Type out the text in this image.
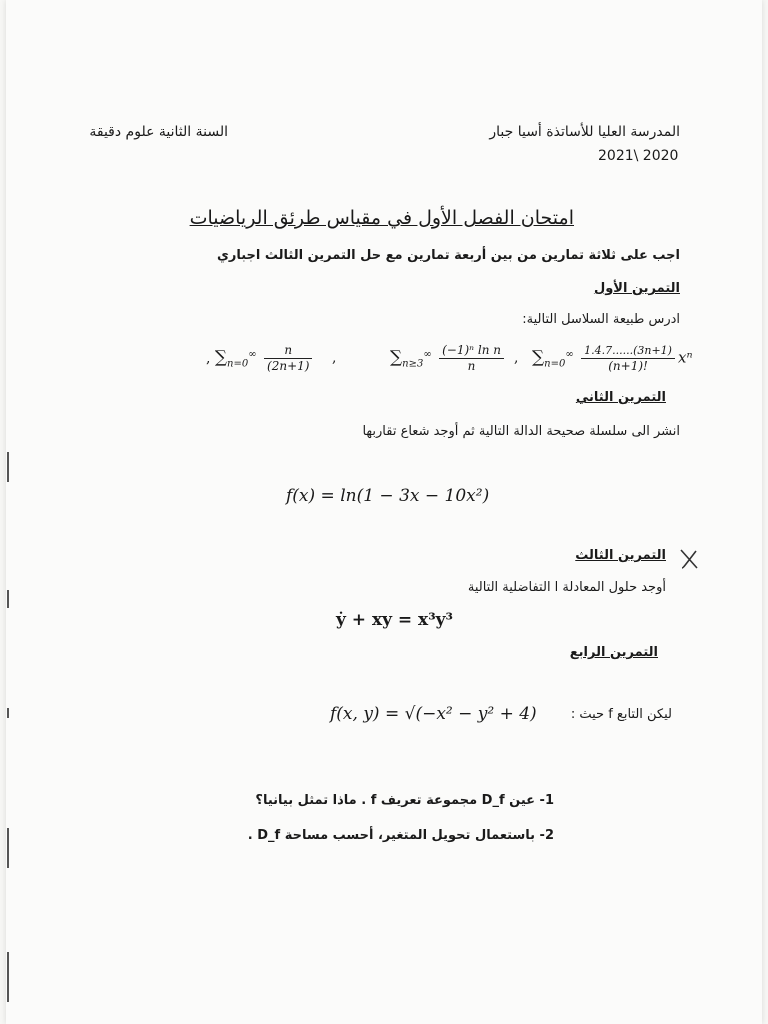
المدرسة العليا للأساتذة أسيا جبار
2021\ 2020
السنة الثانية علوم دقيقة
امتحان الفصل الأول في مقياس طرئق الرياضيات
اجب على ثلاثة تمارين من بين أربعة تمارين مع حل التمرين الثالث اجباري
التمرين الأول
ادرس طبيعة السلاسل التالية:
, $\sum_{n=0}^\infty \frac{n}{(2n+1)}$ ,	$\sum_{n\ge 3}^\infty \frac{\text{(−1)ⁿ ln n}}{n}$ , $\sum_{n=0}^\infty \frac{1.4.7......(3n+1)}{(n+1)!}$ xⁿ
التمرين الثاني
انشر الى سلسلة صحيحة الدالة التالية ثم أوجد شعاع تقاربها
f(x) = ln(1 − 3x − 10x²)
التمرين الثالث
أوجد حلول المعادلة ا التفاضلية التالية
ẏ + xy = x³y³
التمرين الرابع
ليكن التابع f حيث :
f(x, y) = √(−x² − y² + 4)
1- عين D_f مجموعة تعريف f . ماذا تمثل بيانيا؟
2- باستعمال تحويل المتغير، أحسب مساحة D_f .
